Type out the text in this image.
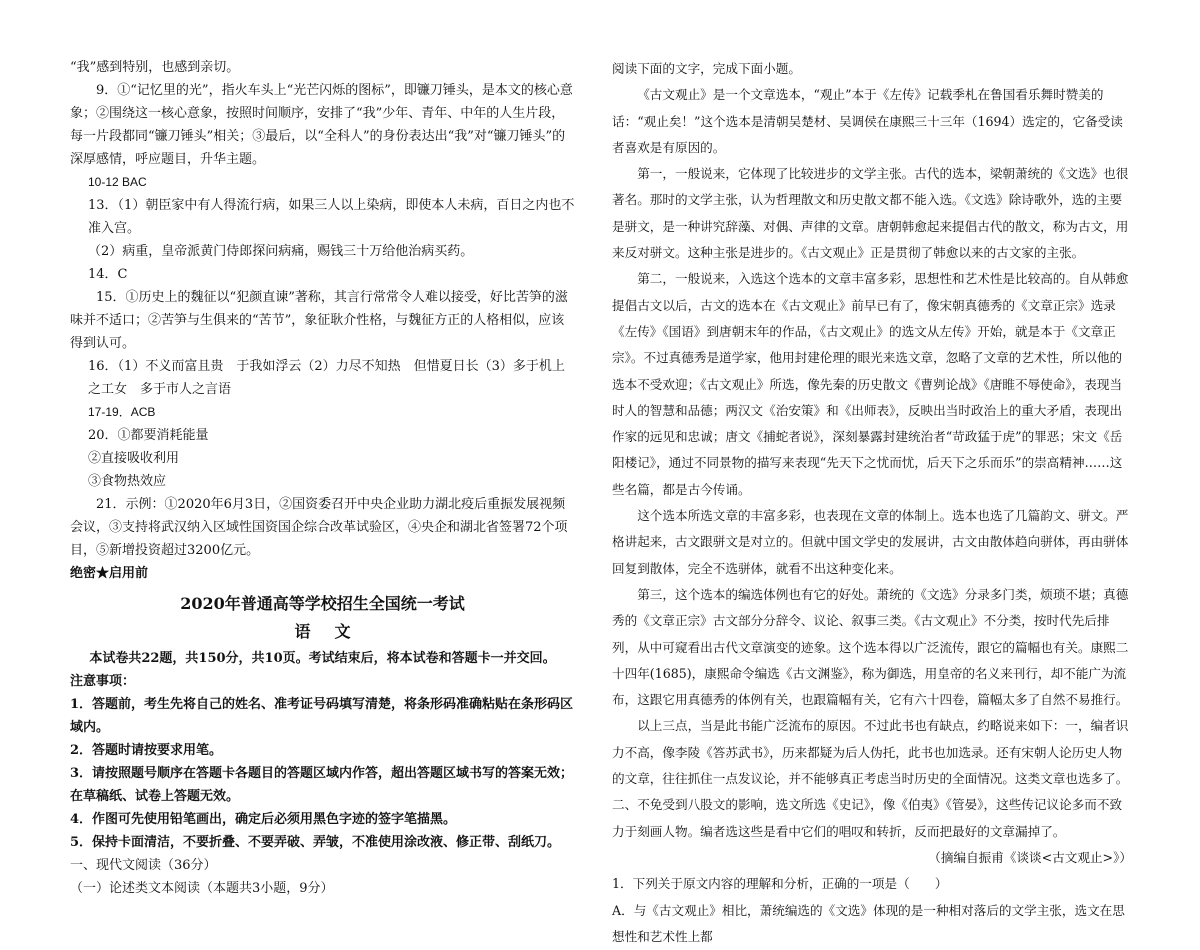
“我”感到特别，也感到亲切。

9．①“记忆里的光”，指火车头上“光芒闪烁的图标”，即镰刀锤头，是本文的核心意象；②围绕这一核心意象，按照时间顺序，安排了“我”少年、青年、中年的人生片段，每一片段都同“镰刀锤头”相关；③最后，以“全科人”的身份表达出“我”对“镰刀锤头”的深厚感情，呼应题目，升华主题。

10-12 BAC

13．（1）朝臣家中有人得流行病，如果三人以上染病，即使本人未病，百日之内也不准入宫。

（2）病重，皇帝派黄门侍郎探问病痛，赐钱三十万给他治病买药。

14．C

15．①历史上的魏征以“犯颜直谏”著称，其言行常常令人难以接受，好比苦笋的滋味并不适口；②苦笋与生俱来的“苦节”，象征耿介性格，与魏征方正的人格相似，应该得到认可。

16．（1）不义而富且贵　于我如浮云（2）力尽不知热　但惜夏日长（3）多于机上之工女　多于市人之言语

17-19．ACB

20．①都要消耗能量

②直接吸收利用

③食物热效应

21．示例：①2020年6月3日，②国资委召开中央企业助力湖北疫后重振发展视频会议，③支持将武汉纳入区域性国资国企综合改革试验区，④央企和湖北省签署72个项目，⑤新增投资超过3200亿元。

绝密★启用前

2020年普通高等学校招生全国统一考试

语文

本试卷共22题，共150分，共10页。考试结束后，将本试卷和答题卡一并交回。

注意事项：

1．答题前，考生先将自己的姓名、准考证号码填写清楚，将条形码准确粘贴在条形码区域内。

2．答题时请按要求用笔。

3．请按照题号顺序在答题卡各题目的答题区域内作答，超出答题区域书写的答案无效；在草稿纸、试卷上答题无效。

4．作图可先使用铅笔画出，确定后必须用黑色字迹的签字笔描黑。

5．保持卡面清洁，不要折叠、不要弄破、弄皱，不准使用涂改液、修正带、刮纸刀。

一、现代文阅读（36分）

（一）论述类文本阅读（本题共3小题，9分）

阅读下面的文字，完成下面小题。

《古文观止》是一个文章选本，“观止”本于《左传》记载季札在鲁国看乐舞时赞美的话：“观止矣！”这个选本是清朝吴楚材、吴调侯在康熙三十三年（1694）选定的，它备受读者喜欢是有原因的。

第一，一般说来，它体现了比较进步的文学主张。古代的选本，梁朝萧统的《文选》也很著名。那时的文学主张，认为哲理散文和历史散文都不能入选。《文选》除诗歌外，选的主要是骈文，是一种讲究辞藻、对偶、声律的文章。唐朝韩愈起来提倡古代的散文，称为古文，用来反对骈文。这种主张是进步的。《古文观止》正是贯彻了韩愈以来的古文家的主张。

第二，一般说来，入选这个选本的文章丰富多彩，思想性和艺术性是比较高的。自从韩愈提倡古文以后，古文的选本在《古文观止》前早已有了，像宋朝真德秀的《文章正宗》选录《左传》《国语》到唐朝末年的作品，《古文观止》的选文从左传》开始，就是本于《文章正宗》。不过真德秀是道学家，他用封建伦理的眼光来选文章，忽略了文章的艺术性，所以他的选本不受欢迎；《古文观止》所选，像先秦的历史散文《曹刿论战》《唐睢不辱使命》，表现当时人的智慧和品德；两汉文《治安策》和《出师表》，反映出当时政治上的重大矛盾，表现出作家的远见和忠诚；唐文《捕蛇者说》，深刻暴露封建统治者“苛政猛于虎”的罪恶；宋文《岳阳楼记》，通过不同景物的描写来表现“先天下之忧而忧，后天下之乐而乐”的崇高精神……这些名篇，都是古今传诵。

这个选本所选文章的丰富多彩，也表现在文章的体制上。选本也选了几篇韵文、骈文。严格讲起来，古文跟骈文是对立的。但就中国文学史的发展讲，古文由散体趋向骈体，再由骈体回复到散体，完全不选骈体，就看不出这种变化来。

第三，这个选本的编选体例也有它的好处。萧统的《文选》分录多门类，烦琐不堪；真德秀的《文章正宗》古文部分分辞令、议论、叙事三类。《古文观止》不分类，按时代先后排列，从中可窥看出古代文章演变的迹象。这个选本得以广泛流传，跟它的篇幅也有关。康熙二十四年(1685)，康熙命令编选《古文渊鉴》，称为御选，用皇帝的名义来刊行，却不能广为流布，这跟它用真德秀的体例有关，也跟篇幅有关，它有六十四卷，篇幅太多了自然不易推行。

以上三点，当是此书能广泛流布的原因。不过此书也有缺点，约略说来如下：一，编者识力不高，像李陵《答苏武书》，历来都疑为后人伪托，此书也加选录。还有宋朝人论历史人物的文章，往往抓住一点发议论，并不能够真正考虑当时历史的全面情况。这类文章也选多了。二、不免受到八股文的影响，选文所选《史记》，像《伯夷》《管晏》，这些传记议论多而不致力于刻画人物。编者选这些是看中它们的唱叹和转折，反而把最好的文章漏掉了。

（摘编自振甫《谈谈<古文观止>》）

1．下列关于原文内容的理解和分析，正确的一项是（　　）

A．与《古文观止》相比，萧统编选的《文选》体现的是一种相对落后的文学主张，选文在思想性和艺术性上都
